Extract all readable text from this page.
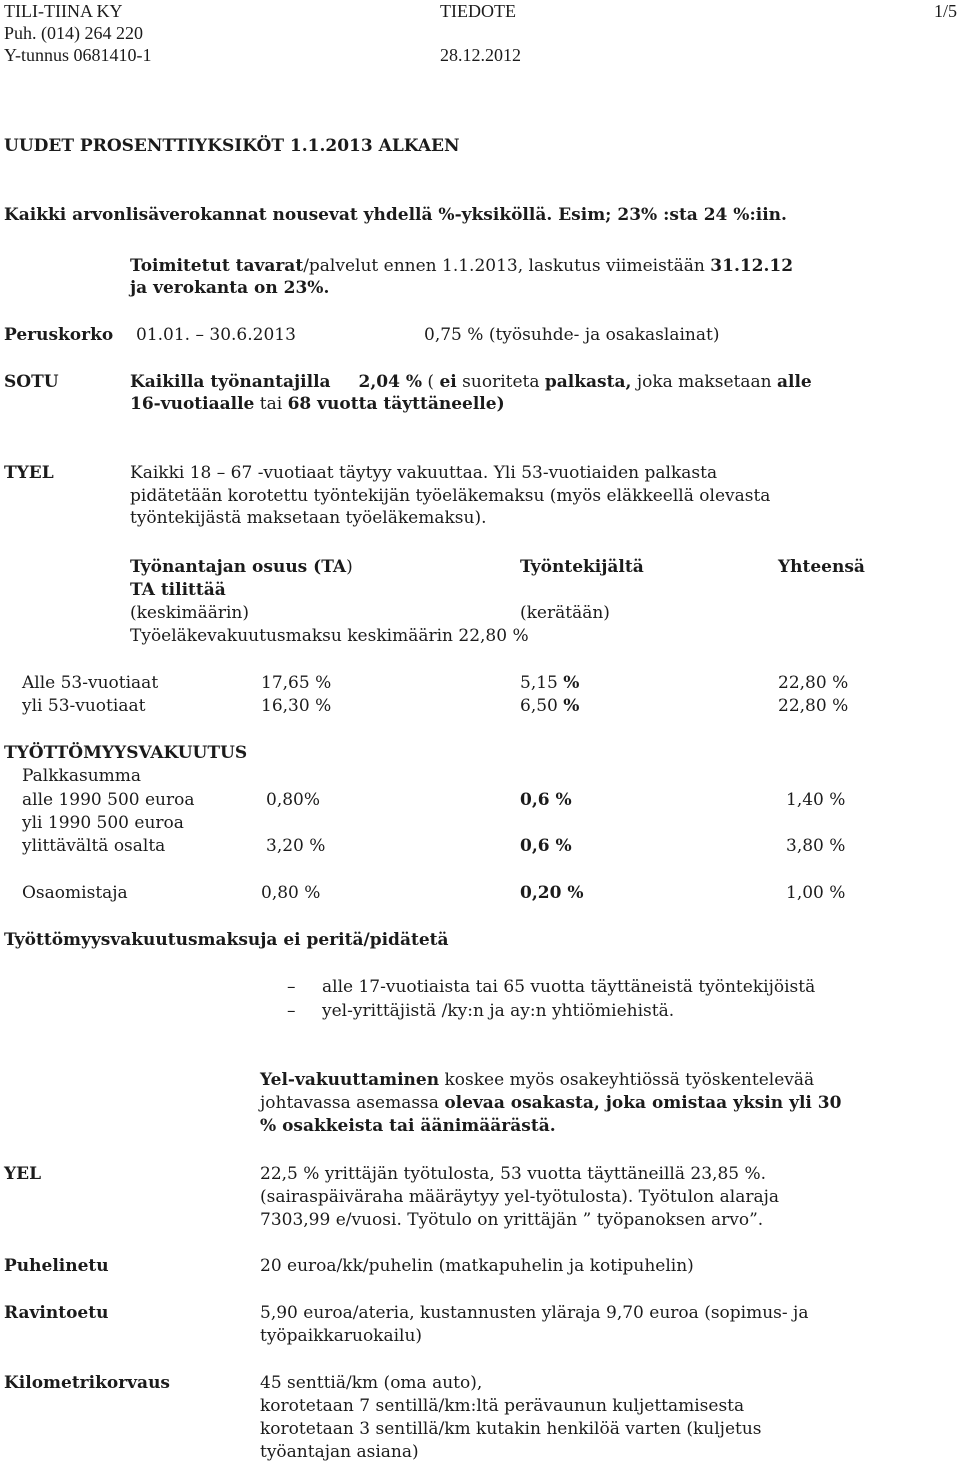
TILI-TIINA KY	TIEDOTE	1/5
Puh. (014) 264 220
Y-tunnus 0681410-1	28.12.2012
UUDET PROSENTTIYKSIKÖT 1.1.2013 ALKAEN
Kaikki arvonlisäverokannat nousevat yhdellä %-yksiköllä. Esim; 23% :sta 24 %:iin.
Toimitetut tavarat/palvelut ennen 1.1.2013, laskutus viimeistään 31.12.12
ja verokanta on 23%.
Peruskorko 01.01. – 30.6.2013	0,75 % (työsuhde- ja osakaslainat)
SOTU	Kaikilla työnantajilla 2,04 % ( ei suoriteta palkasta, joka maksetaan alle
16-vuotiaalle tai 68 vuotta täyttäneelle)
TYEL	Kaikki 18 – 67 -vuotiaat täytyy vakuuttaa. Yli 53-vuotiaiden palkasta
pidätetään korotettu työntekijän työeläkemaksu (myös eläkkeellä olevasta
työntekijästä maksetaan työeläkemaksu).
Työnantajan osuus (TA)	Työntekijältä	Yhteensä
TA tilittää
(keskimäärin)	(kerätään)
Työeläkevakuutusmaksu keskimäärin 22,80 %
Alle 53-vuotiaat	17,65 %	5,15 %	22,80 %
yli 53-vuotiaat	16,30 %	6,50 %	22,80 %
TYÖTTÖMYYSVAKUUTUS
Palkkasumma
alle 1990 500 euroa	0,80%	0,6 %	1,40 %
yli 1990 500 euroa
ylittävältä osalta	3,20 %	0,6 %	3,80 %
Osaomistaja	0,80 %	0,20 %	1,00 %
Työttömyysvakuutusmaksuja ei peritä/pidätetä
– alle 17-vuotiaista tai 65 vuotta täyttäneistä työntekijöistä
– yel-yrittäjistä /ky:n ja ay:n yhtiömiehistä.
Yel-vakuuttaminen koskee myös osakeyhtiössä työskentelevää
johtavassa asemassa olevaa osakasta, joka omistaa yksin yli 30
% osakkeista tai äänimäärästä.
YEL	22,5 % yrittäjän työtulosta, 53 vuotta täyttäneillä 23,85 %.
(sairaspäiväraha määräytyy yel-työtulosta). Työtulon alaraja
7303,99 e/vuosi. Työtulo on yrittäjän ” työpanoksen arvo”.
Puhelinetu	20 euroa/kk/puhelin (matkapuhelin ja kotipuhelin)
Ravintoetu	5,90 euroa/ateria, kustannusten yläraja 9,70 euroa (sopimus- ja
työpaikkaruokailu)
Kilometrikorvaus	45 senttiä/km (oma auto),
korotetaan 7 sentillä/km:ltä perävaunun kuljettamisesta
korotetaan 3 sentillä/km kutakin henkilöä varten (kuljetus
työantajan asiana)
